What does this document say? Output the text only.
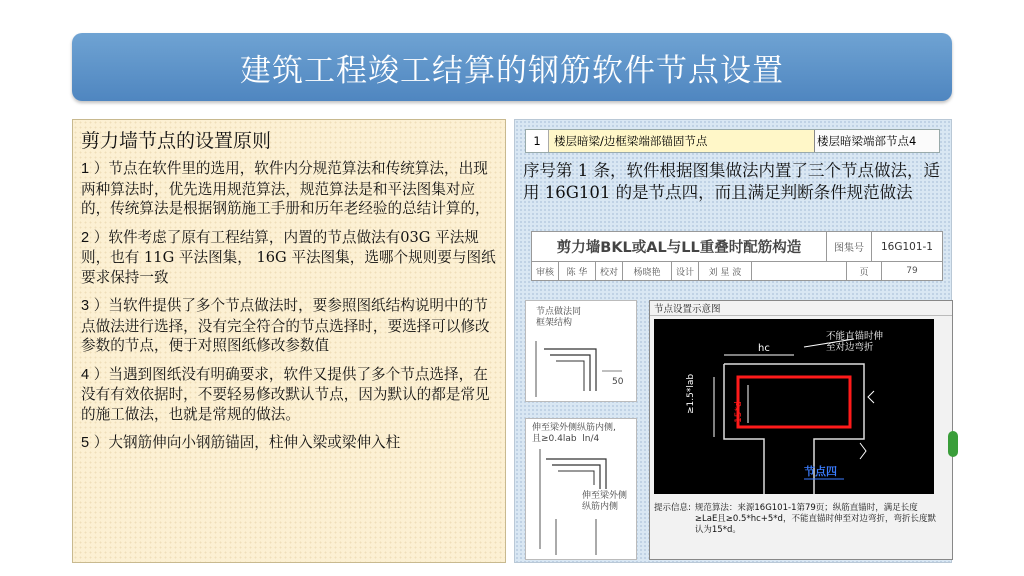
建筑工程竣工结算的钢筋软件节点设置
剪力墙节点的设置原则

1 ）节点在软件里的选用，软件内分规范算法和传统算法，出现两种算法时，优先选用规范算法，规范算法是和平法图集对应的，传统算法是根据钢筋施工手册和历年老经验的总结计算的，

2 ）软件考虑了原有工程结算，内置的节点做法有03G 平法规则，也有 11G 平法图集， 16G 平法图集，选哪个规则要与图纸要求保持一致

3 ）当软件提供了多个节点做法时，要参照图纸结构说明中的节点做法进行选择，没有完全符合的节点选择时，要选择可以修改参数的节点，便于对照图纸修改参数值

4 ）当遇到图纸没有明确要求，软件又提供了多个节点选择，在没有有效依据时，不要轻易修改默认节点，因为默认的都是常见的施工做法，也就是常规的做法。

5 ）大钢筋伸向小钢筋锚固，柱伸入梁或梁伸入柱

1	楼层暗梁/边框梁端部锚固节点	楼层暗梁端部节点4
序号第 1 条，软件根据图集做法内置了三个节点做法，适用 16G101 的是节点四，而且满足判断条件规范做法
剪力墙BKL或AL与LL重叠时配筋构造	图集号	16G101-1
审核	陈 华	校对	杨晓艳	设计	刘 星 波	页	79
节点做法同
框架结构
50
伸至梁外侧纵筋内侧,
且≥0.4lab  ln/4
伸至梁外侧
纵筋内侧
节点设置示意图
不能直锚时伸
至对边弯折
hc
≥1.5*lab	15*d
节点四
提示信息: 规范算法：来源16G101-1第79页；纵筋直锚时，满足长度≥LaE且≥0.5*hc+5*d，不能直锚时伸至对边弯折，弯折长度默认为15*d。
